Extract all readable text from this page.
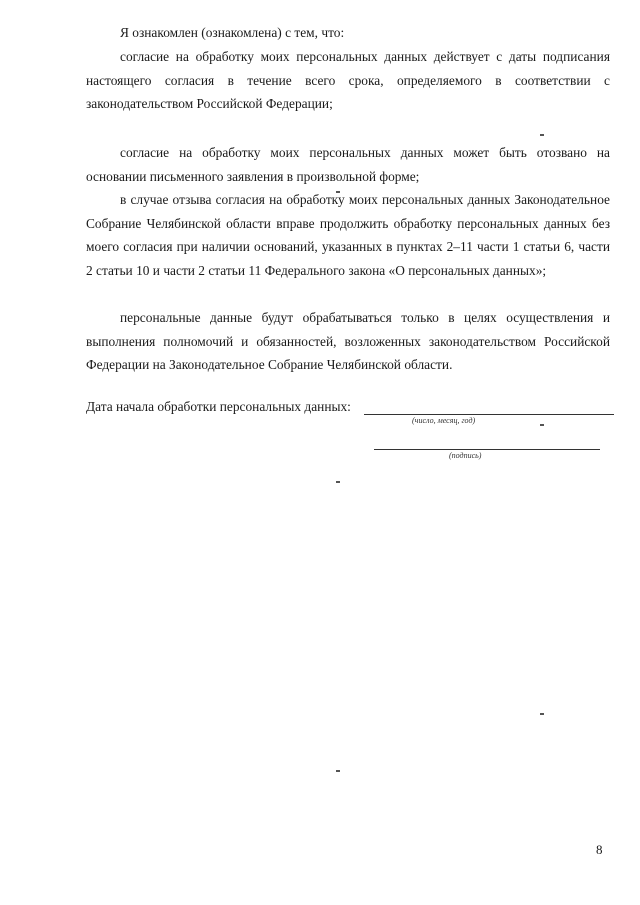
Я ознакомлен (ознакомлена) с тем, что:

согласие на обработку моих персональных данных действует с даты подписания настоящего согласия в течение всего срока, определяемого в соответствии с законодательством Российской Федерации;

согласие на обработку моих персональных данных может быть отозвано на основании письменного заявления в произвольной форме;

в случае отзыва согласия на обработку моих персональных данных Законодательное Собрание Челябинской области вправе продолжить обработку персональных данных без моего согласия при наличии оснований, указанных в пунктах 2–11 части 1 статьи 6, части 2 статьи 10 и части 2 статьи 11 Федерального закона «О персональных данных»;

персональные данные будут обрабатываться только в целях осуществления и выполнения полномочий и обязанностей, возложенных законодательством Российской Федерации на Законодательное Собрание Челябинской области.

Дата начала обработки персональных данных:
(число, месяц, год)
(подпись)
8
